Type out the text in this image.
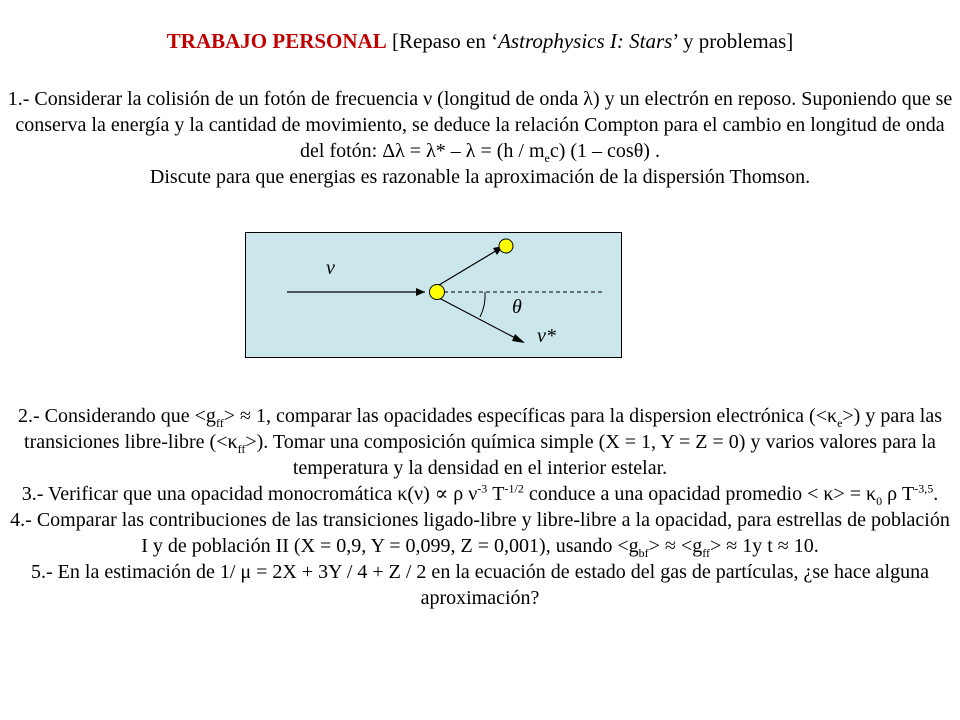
TRABAJO PERSONAL [Repaso en ‘Astrophysics I: Stars’ y problemas]
1.- Considerar la colisión de un fotón de frecuencia ν (longitud de onda λ) y un electrón en reposo. Suponiendo que se conserva la energía y la cantidad de movimiento, se deduce la relación Compton para el cambio en longitud de onda del fotón: $\Delta\lambda = \lambda* - \lambda = (h / m_ec)$ (1 – cosθ) .
Discute para que energias es razonable la aproximación de la dispersión Thomson.
ν
θ
ν*
2.- Considerando que $<g_{ff}> \approx 1$, comparar las opacidades específicas para la dispersion electrónica $(<\kappa_e>)$ y para las transiciones libre-libre $(<\kappa_{ff}>)$. Tomar una composición química simple (X = 1, Y = Z = 0) y varios valores para la temperatura y la densidad en el interior estelar.
3.- Verificar que una opacidad monocromática κ(ν) ∝ ρ $\nu^{-3}$ $T^{-1/2}$ conduce a una opacidad promedio < $\kappa> = \kappa_0$ ρ $T^{-3,5}$.
4.- Comparar las contribuciones de las transiciones ligado-libre y libre-libre a la opacidad, para estrellas de población I y de población II (X = 0,9, Y = 0,099, Z = 0,001), usando $<g_{bf}> \approx <g_{ff}> \approx 1y$ t ≈ 10.
5.- En la estimación de 1/ μ = 2X + 3Y / 4 + Z / 2 en la ecuación de estado del gas de partículas, ¿se hace alguna aproximación?
